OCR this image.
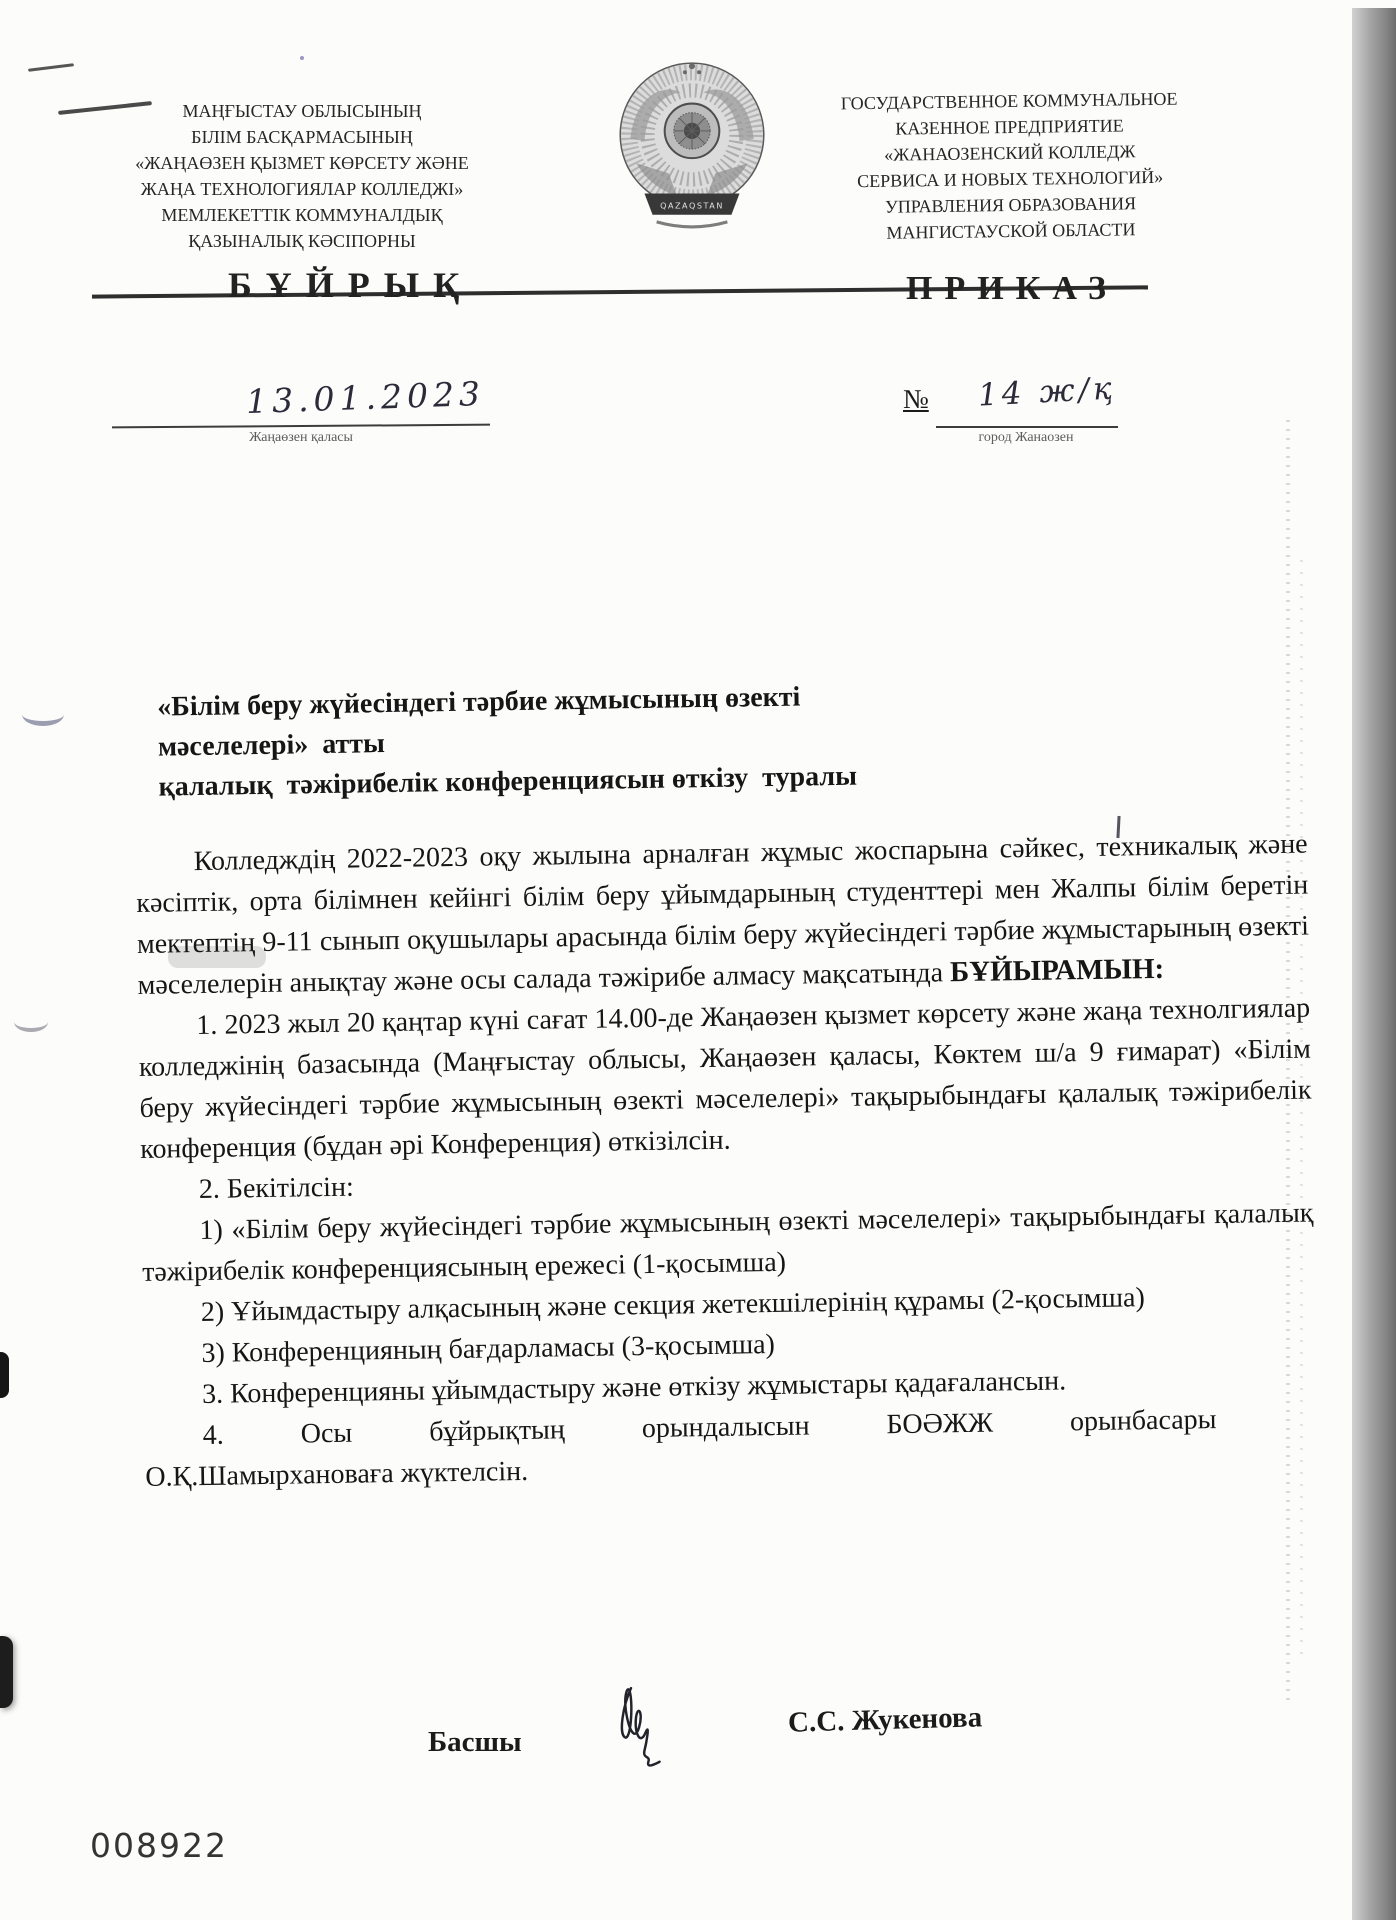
МАҢҒЫСТАУ ОБЛЫСЫНЫҢ
БІЛІМ БАСҚАРМАСЫНЫҢ
«ЖАҢАӨЗЕН ҚЫЗМЕТ КӨРСЕТУ ЖӘНЕ
ЖАҢА ТЕХНОЛОГИЯЛАР КОЛЛЕДЖІ»
МЕМЛЕКЕТТІК КОММУНАЛДЫҚ
ҚАЗЫНАЛЫҚ КӘСІПОРНЫ
QAZAQSTAN
ГОСУДАРСТВЕННОЕ КОММУНАЛЬНОЕ
КАЗЕННОЕ ПРЕДПРИЯТИЕ
«ЖАНАОЗЕНСКИЙ КОЛЛЕДЖ
СЕРВИСА И НОВЫХ ТЕХНОЛОГИЙ»
УПРАВЛЕНИЯ ОБРАЗОВАНИЯ
МАНГИСТАУСКОЙ ОБЛАСТИ
БҰЙРЫҚ	ПРИКАЗ
13.01.2023
Жаңаөзен қаласы
№ 14 ж/қ
город Жанаозен
«Білім беру жүйесіндегі тәрбие жұмысының өзекті
мәселелері»  атты
қалалық  тәжірибелік конференциясын өткізу  туралы

Колледждің 2022-2023 оқу жылына арналған жұмыс жоспарына сәйкес, техникалық және кәсіптік, орта білімнен кейінгі білім беру ұйымдарының студенттері мен Жалпы білім беретін мектептің 9-11 сынып оқушылары арасында білім беру жүйесіндегі тәрбие жұмыстарының өзекті мәселелерін анықтау және осы салада тәжірибе алмасу мақсатында БҰЙЫРАМЫН:

1. 2023 жыл 20 қаңтар күні сағат 14.00-де Жаңаөзен қызмет көрсету және жаңа технолгиялар колледжінің базасында (Маңғыстау облысы, Жаңаөзен қаласы, Көктем ш/а 9 ғимарат) «Білім беру жүйесіндегі тәрбие жұмысының өзекті мәселелері» тақырыбындағы қалалық тәжірибелік конференция (бұдан әрі Конференция) өткізілсін.

2. Бекітілсін:

1) «Білім беру жүйесіндегі тәрбие жұмысының өзекті мәселелері» тақырыбындағы қалалық тәжірибелік конференциясының ережесі (1-қосымша)

2) Ұйымдастыру алқасының және секция жетекшілерінің құрамы (2-қосымша)

3) Конференцияның бағдарламасы (3-қосымша)

3. Конференцияны ұйымдастыру және өткізу жұмыстары қадағалансын.

4. Осы бұйрықтың орындалысын БОӘЖЖ орынбасары
О.Қ.Шамырхановаға жүктелсін.

Басшы
С.С. Жукенова
008922
